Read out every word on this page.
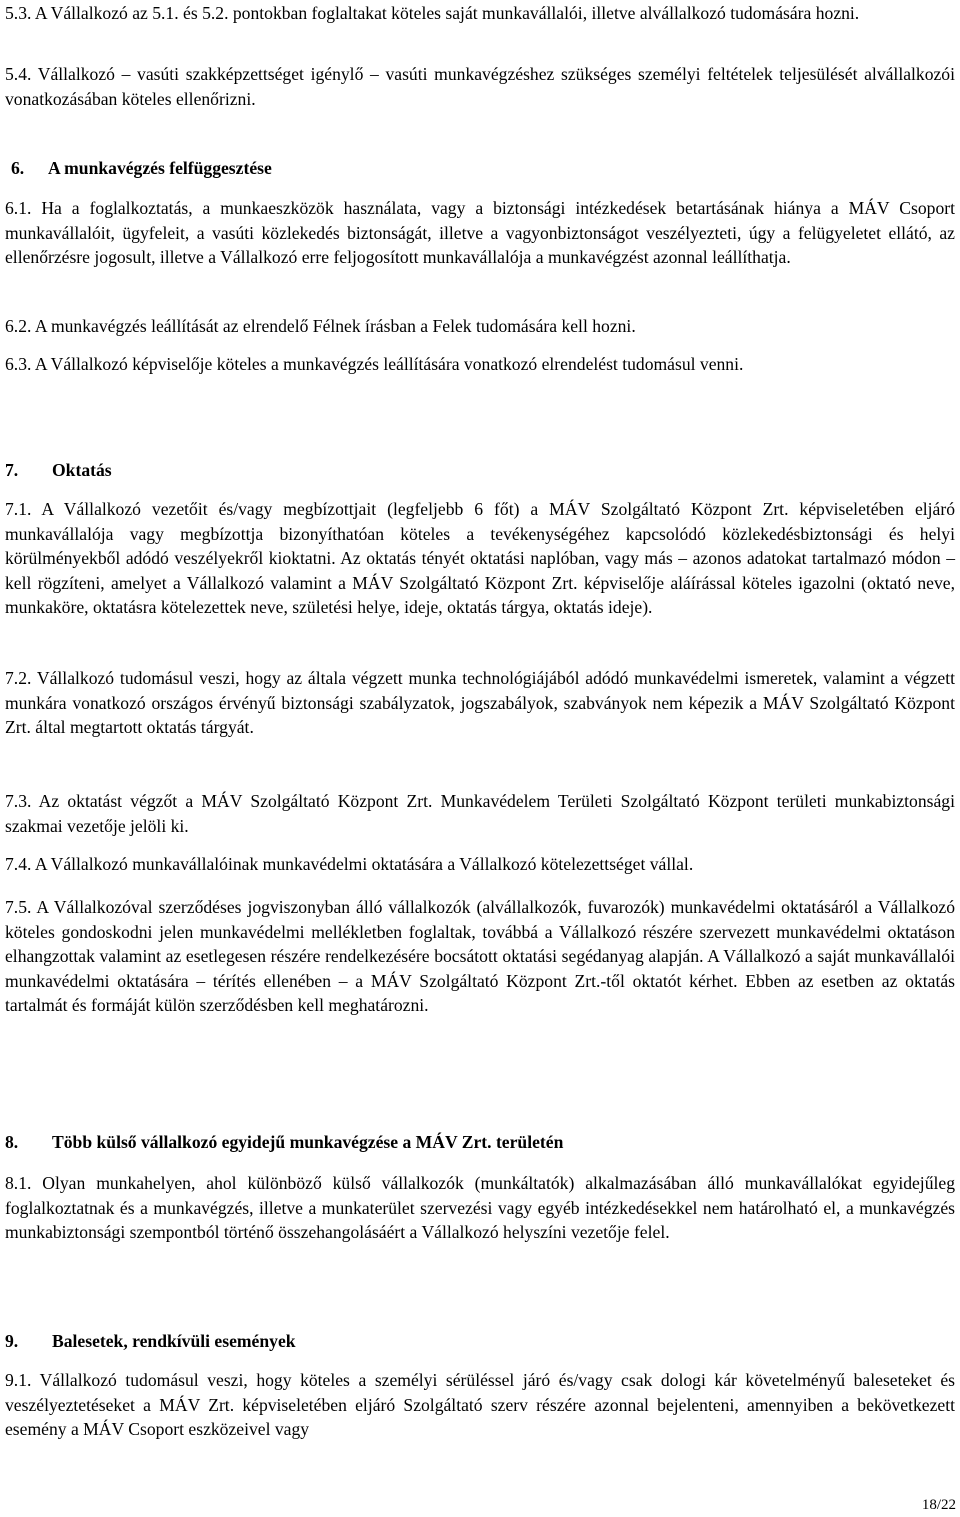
5.3. A Vállalkozó az 5.1. és 5.2. pontokban foglaltakat köteles saját munkavállalói, illetve alvállalkozó tudomására hozni.

5.4. Vállalkozó – vasúti szakképzettséget igénylő – vasúti munkavégzéshez szükséges személyi feltételek teljesülését alvállalkozói vonatkozásában köteles ellenőrizni.

6. A munkavégzés felfüggesztése

6.1. Ha a foglalkoztatás, a munkaeszközök használata, vagy a biztonsági intézkedések betartásának hiánya a MÁV Csoport munkavállalóit, ügyfeleit, a vasúti közlekedés biztonságát, illetve a vagyonbiztonságot veszélyezteti, úgy a felügyeletet ellátó, az ellenőrzésre jogosult, illetve a Vállalkozó erre feljogosított munkavállalója a munkavégzést azonnal leállíthatja.

6.2. A munkavégzés leállítását az elrendelő Félnek írásban a Felek tudomására kell hozni.

6.3. A Vállalkozó képviselője köteles a munkavégzés leállítására vonatkozó elrendelést tudomásul venni.

7. Oktatás

7.1. A Vállalkozó vezetőit és/vagy megbízottjait (legfeljebb 6 főt) a MÁV Szolgáltató Központ Zrt. képviseletében eljáró munkavállalója vagy megbízottja bizonyíthatóan köteles a tevékenységéhez kapcsolódó közlekedésbiztonsági és helyi körülményekből adódó veszélyekről kioktatni. Az oktatás tényét oktatási naplóban, vagy más – azonos adatokat tartalmazó módon – kell rögzíteni, amelyet a Vállalkozó valamint a MÁV Szolgáltató Központ Zrt. képviselője aláírással köteles igazolni (oktató neve, munkaköre, oktatásra kötelezettek neve, születési helye, ideje, oktatás tárgya, oktatás ideje).

7.2. Vállalkozó tudomásul veszi, hogy az általa végzett munka technológiájából adódó munkavédelmi ismeretek, valamint a végzett munkára vonatkozó országos érvényű biztonsági szabályzatok, jogszabályok, szabványok nem képezik a MÁV Szolgáltató Központ Zrt. által megtartott oktatás tárgyát.

7.3. Az oktatást végzőt a MÁV Szolgáltató Központ Zrt. Munkavédelem Területi Szolgáltató Központ területi munkabiztonsági szakmai vezetője jelöli ki.

7.4. A Vállalkozó munkavállalóinak munkavédelmi oktatására a Vállalkozó kötelezettséget vállal.

7.5. A Vállalkozóval szerződéses jogviszonyban álló vállalkozók (alvállalkozók, fuvarozók) munkavédelmi oktatásáról a Vállalkozó köteles gondoskodni jelen munkavédelmi mellékletben foglaltak, továbbá a Vállalkozó részére szervezett munkavédelmi oktatáson elhangzottak valamint az esetlegesen részére rendelkezésére bocsátott oktatási segédanyag alapján. A Vállalkozó a saját munkavállalói munkavédelmi oktatására – térítés ellenében – a MÁV Szolgáltató Központ Zrt.-től oktatót kérhet. Ebben az esetben az oktatás tartalmát és formáját külön szerződésben kell meghatározni.

8. Több külső vállalkozó egyidejű munkavégzése a MÁV Zrt. területén

8.1. Olyan munkahelyen, ahol különböző külső vállalkozók (munkáltatók) alkalmazásában álló munkavállalókat egyidejűleg foglalkoztatnak és a munkavégzés, illetve a munkaterület szervezési vagy egyéb intézkedésekkel nem határolható el, a munkavégzés munkabiztonsági szempontból történő összehangolásáért a Vállalkozó helyszíni vezetője felel.

9. Balesetek, rendkívüli események

9.1. Vállalkozó tudomásul veszi, hogy köteles a személyi sérüléssel járó és/vagy csak dologi kár követelményű baleseteket és veszélyeztetéseket a MÁV Zrt. képviseletében eljáró Szolgáltató szerv részére azonnal bejelenteni, amennyiben a bekövetkezett esemény a MÁV Csoport eszközeivel vagy

18/22
